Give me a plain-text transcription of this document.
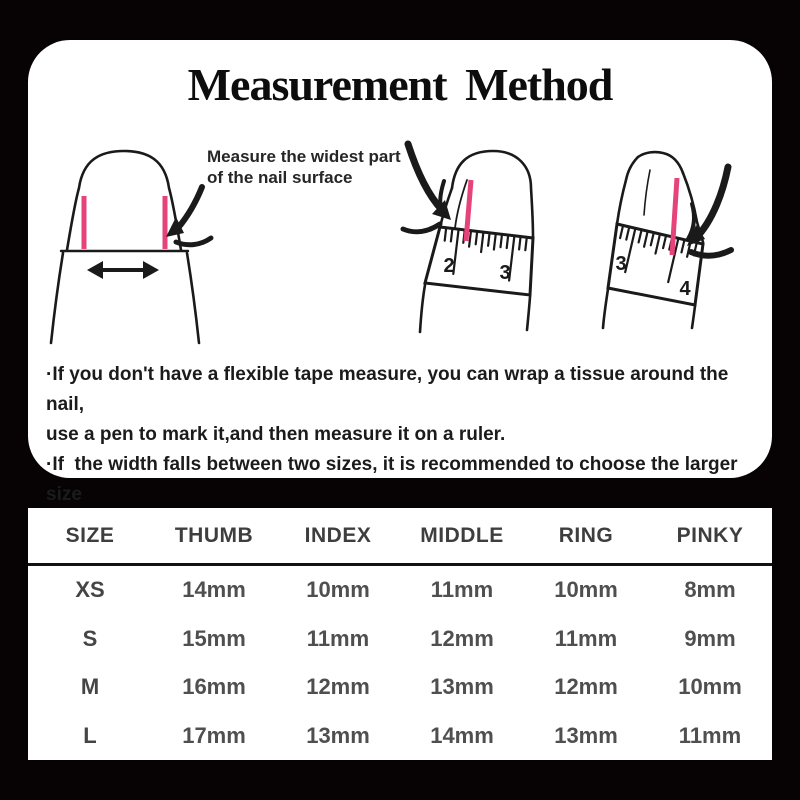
Measurement Method
Measure the widest part
of the nail surface
2 3	3
4

·If you don't have a flexible tape measure, you can wrap a tissue around the nail,
use a pen to mark it,and then measure it on a ruler.

·If  the width falls between two sizes, it is recommended to choose the larger size

SIZE	THUMB	INDEX	MIDDLE	RING	PINKY
XS	14mm	10mm	11mm	10mm	8mm
S	15mm	11mm	12mm	11mm	9mm
M	16mm	12mm	13mm	12mm	10mm
L	17mm	13mm	14mm	13mm	11mm
